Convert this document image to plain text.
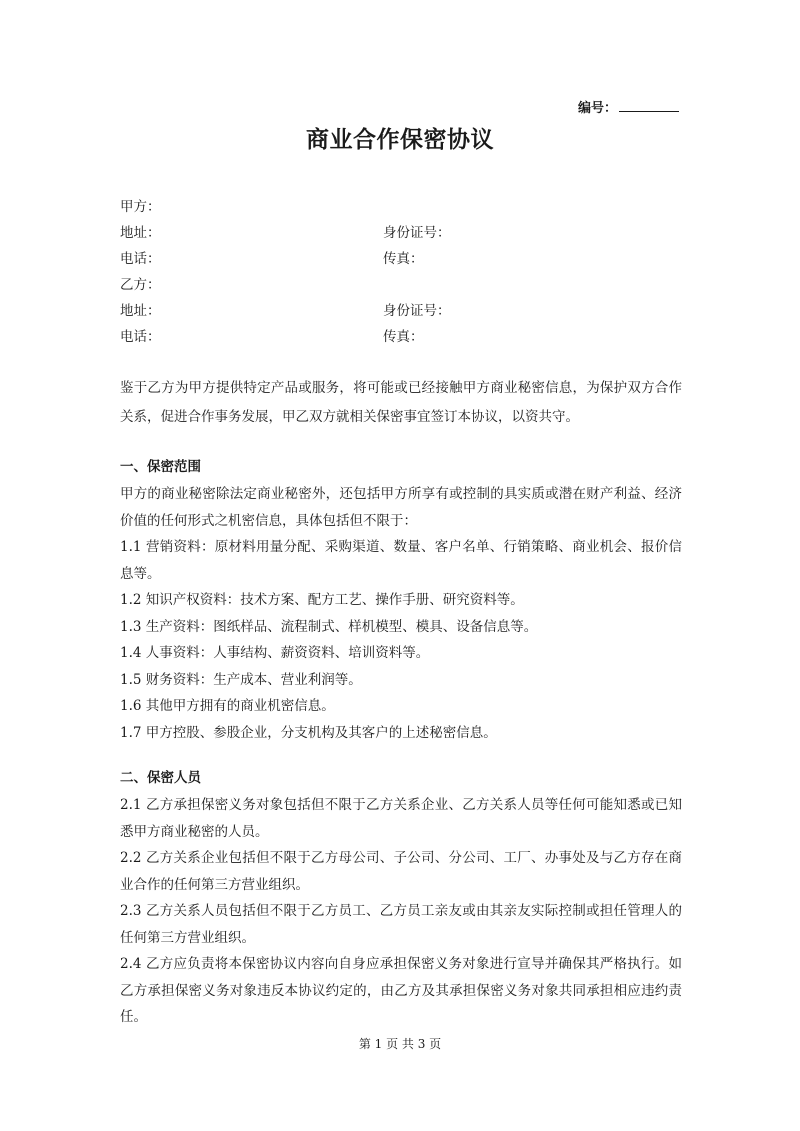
编号：
商业合作保密协议
甲方：
地址：	身份证号：
电话：	传真：
乙方：
地址：	身份证号：
电话：	传真：
鉴于乙方为甲方提供特定产品或服务，将可能或已经接触甲方商业秘密信息，为保护双方合作关系，促进合作事务发展，甲乙双方就相关保密事宜签订本协议，以资共守。
一、保密范围

甲方的商业秘密除法定商业秘密外，还包括甲方所享有或控制的具实质或潜在财产利益、经济价值的任何形式之机密信息，具体包括但不限于：

1.1 营销资料：原材料用量分配、采购渠道、数量、客户名单、行销策略、商业机会、报价信息等。

1.2 知识产权资料：技术方案、配方工艺、操作手册、研究资料等。

1.3 生产资料：图纸样品、流程制式、样机模型、模具、设备信息等。

1.4 人事资料：人事结构、薪资资料、培训资料等。

1.5 财务资料：生产成本、营业利润等。

1.6 其他甲方拥有的商业机密信息。

1.7 甲方控股、参股企业，分支机构及其客户的上述秘密信息。

二、保密人员

2.1 乙方承担保密义务对象包括但不限于乙方关系企业、乙方关系人员等任何可能知悉或已知悉甲方商业秘密的人员。

2.2 乙方关系企业包括但不限于乙方母公司、子公司、分公司、工厂、办事处及与乙方存在商业合作的任何第三方营业组织。

2.3 乙方关系人员包括但不限于乙方员工、乙方员工亲友或由其亲友实际控制或担任管理人的任何第三方营业组织。

2.4 乙方应负责将本保密协议内容向自身应承担保密义务对象进行宣导并确保其严格执行。如乙方承担保密义务对象违反本协议约定的，由乙方及其承担保密义务对象共同承担相应违约责任。

第 1 页 共 3 页
